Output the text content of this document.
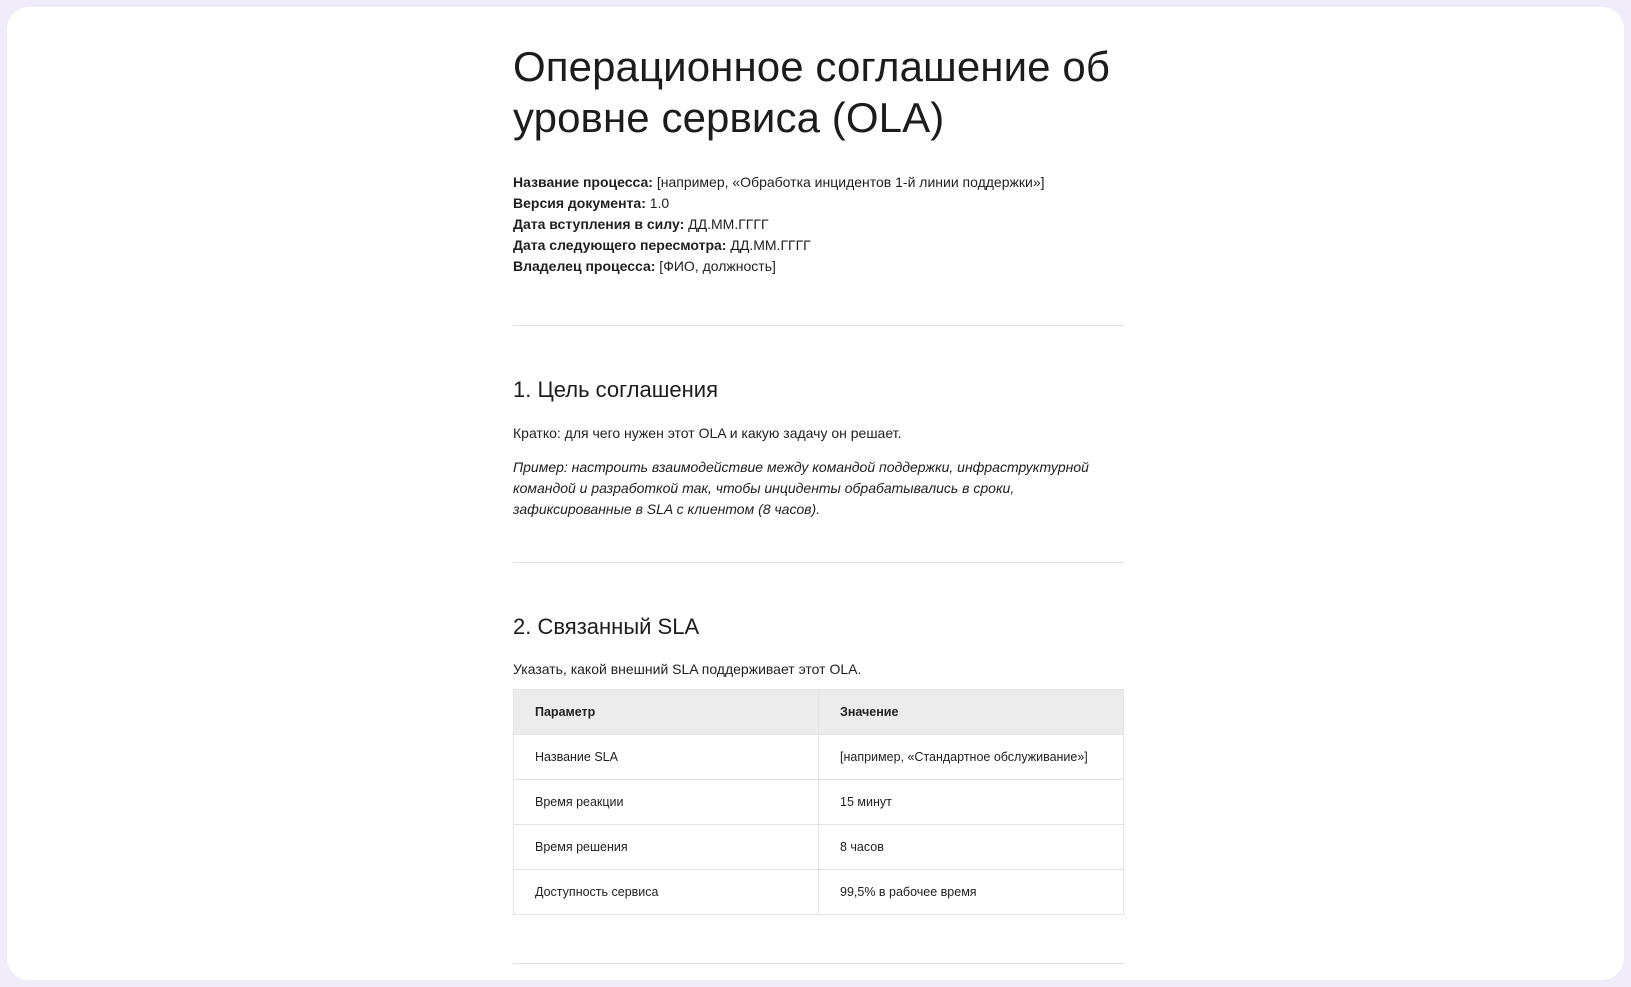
Операционное соглашение об уровне сервиса (OLA)
Название процесса: [например, «Обработка инцидентов 1-й линии поддержки»]
Версия документа: 1.0
Дата вступления в силу: ДД.ММ.ГГГГ
Дата следующего пересмотра: ДД.ММ.ГГГГ
Владелец процесса: [ФИО, должность]
1. Цель соглашения

Кратко: для чего нужен этот OLA и какую задачу он решает.

Пример: настроить взаимодействие между командой поддержки, инфраструктурной командой и разработкой так, чтобы инциденты обрабатывались в сроки, зафиксированные в SLA с клиентом (8 часов).

2. Связанный SLA

Указать, какой внешний SLA поддерживает этот OLA.

Параметр	Значение
Название SLA	[например, «Стандартное обслуживание»]
Время реакции	15 минут
Время решения	8 часов
Доступность сервиса	99,5% в рабочее время
